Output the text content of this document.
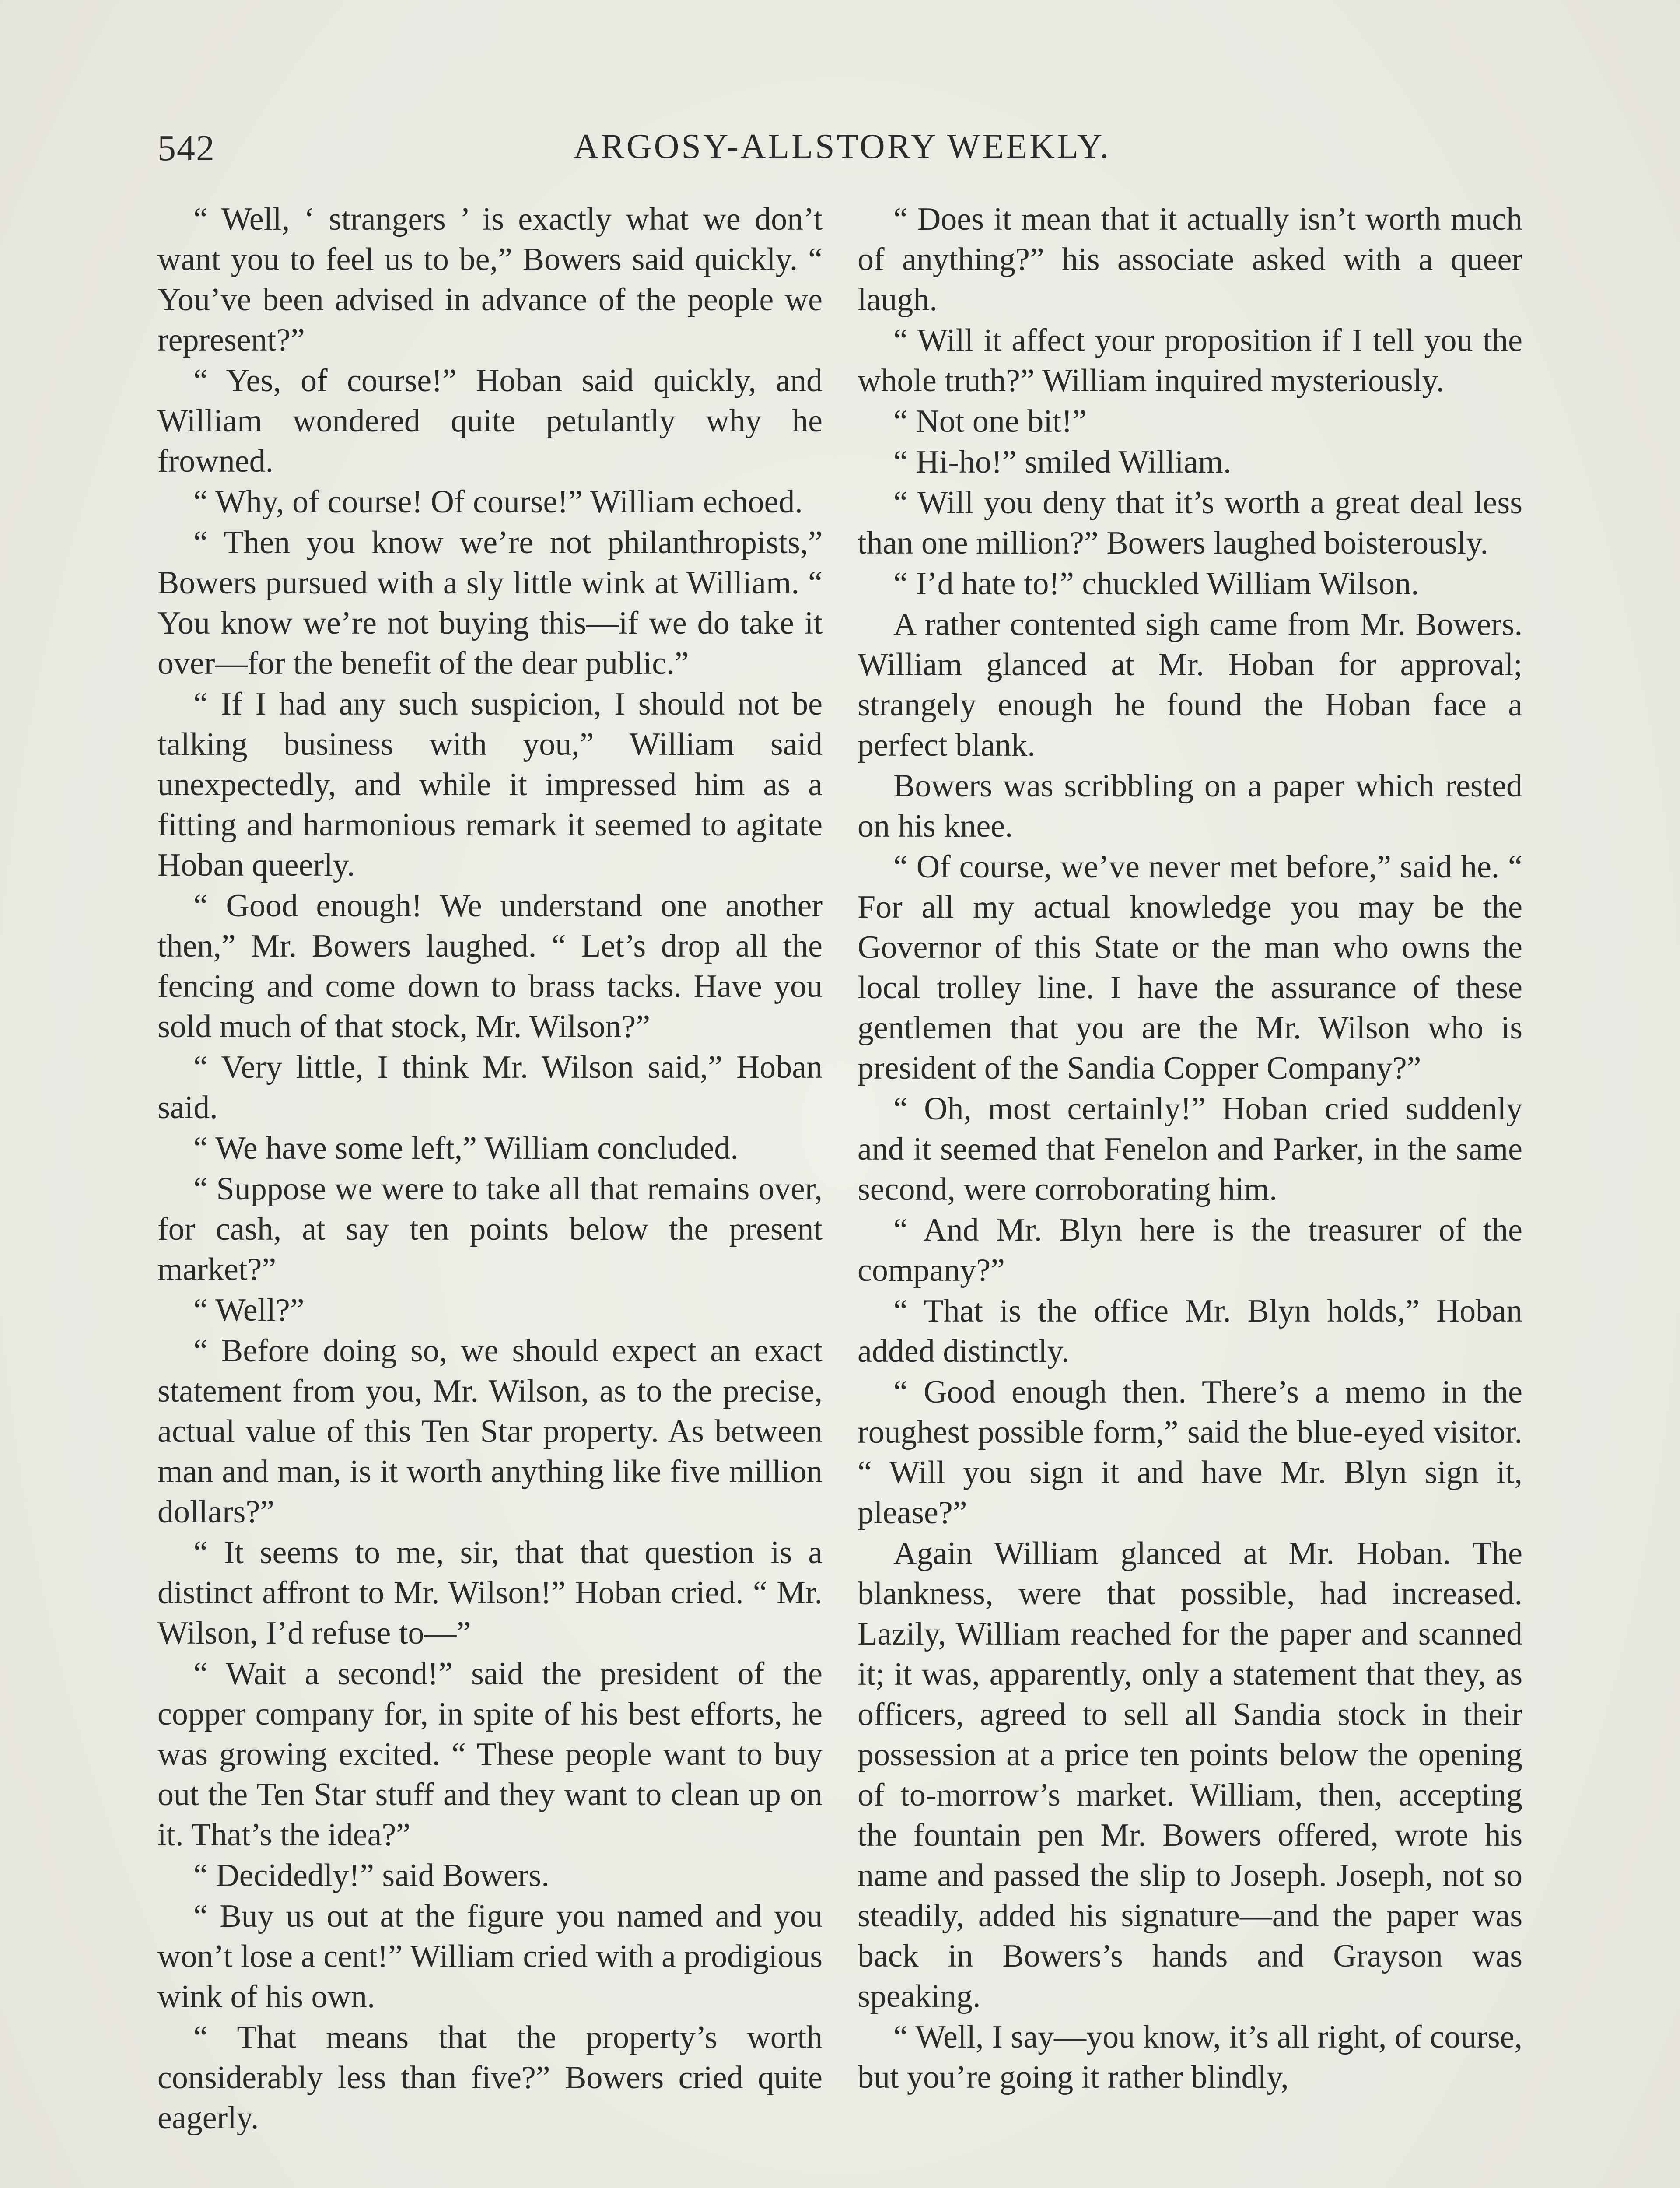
542	ARGOSY-ALLSTORY WEEKLY.

“ Well, ‘ strangers ’ is exactly what we don’t want you to feel us to be,” Bowers said quickly. “ You’ve been advised in advance of the people we represent?”

“ Yes, of course!” Hoban said quickly, and William wondered quite petulantly why he frowned.

“ Why, of course! Of course!” William echoed.

“ Then you know we’re not philanthropists,” Bowers pursued with a sly little wink at William. “ You know we’re not buying this—if we do take it over—for the benefit of the dear public.”

“ If I had any such suspicion, I should not be talking business with you,” William said unexpectedly, and while it impressed him as a fitting and harmonious remark it seemed to agitate Hoban queerly.

“ Good enough! We understand one another then,” Mr. Bowers laughed. “ Let’s drop all the fencing and come down to brass tacks. Have you sold much of that stock, Mr. Wilson?”

“ Very little, I think Mr. Wilson said,” Hoban said.

“ We have some left,” William concluded.

“ Suppose we were to take all that remains over, for cash, at say ten points below the present market?”

“ Well?”

“ Before doing so, we should expect an exact statement from you, Mr. Wilson, as to the precise, actual value of this Ten Star property. As between man and man, is it worth anything like five million dollars?”

“ It seems to me, sir, that that question is a distinct affront to Mr. Wilson!” Hoban cried. “ Mr. Wilson, I’d refuse to—”

“ Wait a second!” said the president of the copper company for, in spite of his best efforts, he was growing excited. “ These people want to buy out the Ten Star stuff and they want to clean up on it. That’s the idea?”

“ Decidedly!” said Bowers.

“ Buy us out at the figure you named and you won’t lose a cent!” William cried with a prodigious wink of his own.

“ That means that the property’s worth considerably less than five?” Bowers cried quite eagerly.

“ Does it mean that it actually isn’t worth much of anything?” his associate asked with a queer laugh.

“ Will it affect your proposition if I tell you the whole truth?” William inquired mysteriously.

“ Not one bit!”

“ Hi-ho!” smiled William.

“ Will you deny that it’s worth a great deal less than one million?” Bowers laughed boisterously.

“ I’d hate to!” chuckled William Wilson.

A rather contented sigh came from Mr. Bowers. William glanced at Mr. Hoban for approval; strangely enough he found the Hoban face a perfect blank.

Bowers was scribbling on a paper which rested on his knee.

“ Of course, we’ve never met before,” said he. “ For all my actual knowledge you may be the Governor of this State or the man who owns the local trolley line. I have the assurance of these gentlemen that you are the Mr. Wilson who is president of the Sandia Copper Company?”

“ Oh, most certainly!” Hoban cried suddenly and it seemed that Fenelon and Parker, in the same second, were corroborating him.

“ And Mr. Blyn here is the treasurer of the company?”

“ That is the office Mr. Blyn holds,” Hoban added distinctly.

“ Good enough then. There’s a memo in the roughest possible form,” said the blue-eyed visitor. “ Will you sign it and have Mr. Blyn sign it, please?”

Again William glanced at Mr. Hoban. The blankness, were that possible, had increased. Lazily, William reached for the paper and scanned it; it was, apparently, only a statement that they, as officers, agreed to sell all Sandia stock in their possession at a price ten points below the opening of to-morrow’s market. William, then, accepting the fountain pen Mr. Bowers offered, wrote his name and passed the slip to Joseph. Joseph, not so steadily, added his signature—and the paper was back in Bowers’s hands and Grayson was speaking.

“ Well, I say—you know, it’s all right, of course, but you’re going it rather blindly,
